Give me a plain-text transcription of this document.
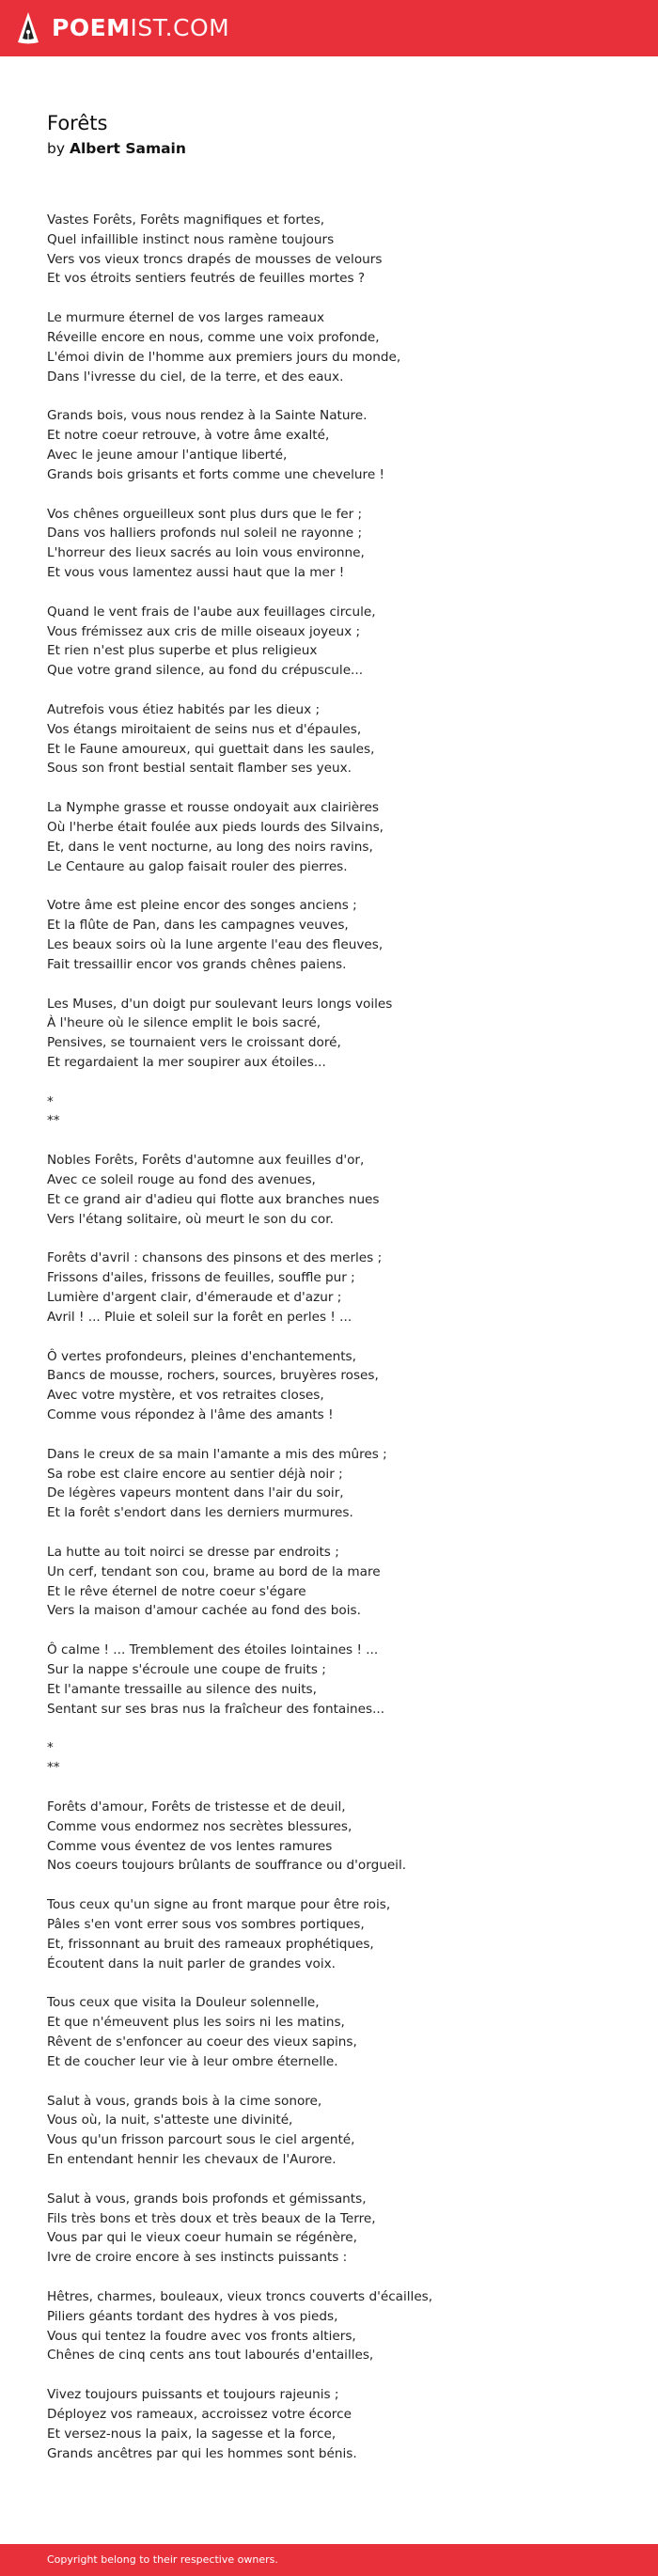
POEMIST.COM
Forêts
by Albert Samain
Vastes Forêts, Forêts magnifiques et fortes,
Quel infaillible instinct nous ramène toujours
Vers vos vieux troncs drapés de mousses de velours
Et vos étroits sentiers feutrés de feuilles mortes ?
Le murmure éternel de vos larges rameaux
Réveille encore en nous, comme une voix profonde,
L'émoi divin de l'homme aux premiers jours du monde,
Dans l'ivresse du ciel, de la terre, et des eaux.
Grands bois, vous nous rendez à la Sainte Nature.
Et notre coeur retrouve, à votre âme exalté,
Avec le jeune amour l'antique liberté,
Grands bois grisants et forts comme une chevelure !
Vos chênes orgueilleux sont plus durs que le fer ;
Dans vos halliers profonds nul soleil ne rayonne ;
L'horreur des lieux sacrés au loin vous environne,
Et vous vous lamentez aussi haut que la mer !
Quand le vent frais de l'aube aux feuillages circule,
Vous frémissez aux cris de mille oiseaux joyeux ;
Et rien n'est plus superbe et plus religieux
Que votre grand silence, au fond du crépuscule...
Autrefois vous étiez habités par les dieux ;
Vos étangs miroitaient de seins nus et d'épaules,
Et le Faune amoureux, qui guettait dans les saules,
Sous son front bestial sentait flamber ses yeux.
La Nymphe grasse et rousse ondoyait aux clairières
Où l'herbe était foulée aux pieds lourds des Silvains,
Et, dans le vent nocturne, au long des noirs ravins,
Le Centaure au galop faisait rouler des pierres.
Votre âme est pleine encor des songes anciens ;
Et la flûte de Pan, dans les campagnes veuves,
Les beaux soirs où la lune argente l'eau des fleuves,
Fait tressaillir encor vos grands chênes paiens.
Les Muses, d'un doigt pur soulevant leurs longs voiles
À l'heure où le silence emplit le bois sacré,
Pensives, se tournaient vers le croissant doré,
Et regardaient la mer soupirer aux étoiles...
*
**
Nobles Forêts, Forêts d'automne aux feuilles d'or,
Avec ce soleil rouge au fond des avenues,
Et ce grand air d'adieu qui flotte aux branches nues
Vers l'étang solitaire, où meurt le son du cor.
Forêts d'avril : chansons des pinsons et des merles ;
Frissons d'ailes, frissons de feuilles, souffle pur ;
Lumière d'argent clair, d'émeraude et d'azur ;
Avril ! ... Pluie et soleil sur la forêt en perles ! ...
Ô vertes profondeurs, pleines d'enchantements,
Bancs de mousse, rochers, sources, bruyères roses,
Avec votre mystère, et vos retraites closes,
Comme vous répondez à l'âme des amants !
Dans le creux de sa main l'amante a mis des mûres ;
Sa robe est claire encore au sentier déjà noir ;
De légères vapeurs montent dans l'air du soir,
Et la forêt s'endort dans les derniers murmures.
La hutte au toit noirci se dresse par endroits ;
Un cerf, tendant son cou, brame au bord de la mare
Et le rêve éternel de notre coeur s'égare
Vers la maison d'amour cachée au fond des bois.
Ô calme ! ... Tremblement des étoiles lointaines ! ...
Sur la nappe s'écroule une coupe de fruits ;
Et l'amante tressaille au silence des nuits,
Sentant sur ses bras nus la fraîcheur des fontaines...
*
**
Forêts d'amour, Forêts de tristesse et de deuil,
Comme vous endormez nos secrètes blessures,
Comme vous éventez de vos lentes ramures
Nos coeurs toujours brûlants de souffrance ou d'orgueil.
Tous ceux qu'un signe au front marque pour être rois,
Pâles s'en vont errer sous vos sombres portiques,
Et, frissonnant au bruit des rameaux prophétiques,
Écoutent dans la nuit parler de grandes voix.
Tous ceux que visita la Douleur solennelle,
Et que n'émeuvent plus les soirs ni les matins,
Rêvent de s'enfoncer au coeur des vieux sapins,
Et de coucher leur vie à leur ombre éternelle.
Salut à vous, grands bois à la cime sonore,
Vous où, la nuit, s'atteste une divinité,
Vous qu'un frisson parcourt sous le ciel argenté,
En entendant hennir les chevaux de l'Aurore.
Salut à vous, grands bois profonds et gémissants,
Fils très bons et très doux et très beaux de la Terre,
Vous par qui le vieux coeur humain se régénère,
Ivre de croire encore à ses instincts puissants :
Hêtres, charmes, bouleaux, vieux troncs couverts d'écailles,
Piliers géants tordant des hydres à vos pieds,
Vous qui tentez la foudre avec vos fronts altiers,
Chênes de cinq cents ans tout labourés d'entailles,
Vivez toujours puissants et toujours rajeunis ;
Déployez vos rameaux, accroissez votre écorce
Et versez-nous la paix, la sagesse et la force,
Grands ancêtres par qui les hommes sont bénis.
Copyright belong to their respective owners.
